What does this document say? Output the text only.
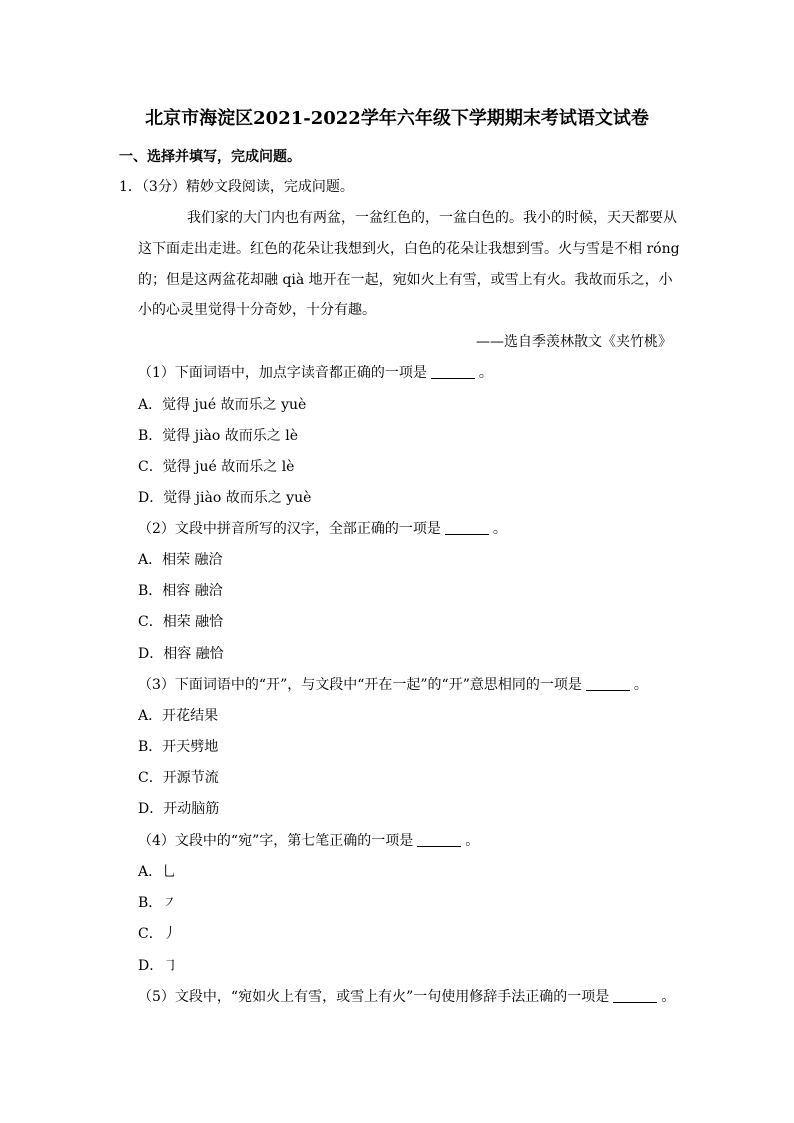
北京市海淀区2021-2022学年六年级下学期期末考试语文试卷
一、选择并填写，完成问题。
1．（3分）精妙文段阅读，完成问题。
我们家的大门内也有两盆，一盆红色的，一盆白色的。我小的时候，天天都要从
这下面走出走进。红色的花朵让我想到火，白色的花朵让我想到雪。火与雪是不相 róng
的；但是这两盆花却融 qià 地开在一起，宛如火上有雪，或雪上有火。我故而乐之，小
小的心灵里觉得十分奇妙，十分有趣。
——选自季羡林散文《夹竹桃》
（1）下面词语中，加点字读音都正确的一项是	。
A．觉得 jué 故而乐之 yuè
B．觉得 jiào 故而乐之 lè
C．觉得 jué 故而乐之 lè
D．觉得 jiào 故而乐之 yuè
（2）文段中拼音所写的汉字，全部正确的一项是	。
A．相荣 融洽
B．相容 融洽
C．相荣 融恰
D．相容 融恰
（3）下面词语中的“开”，与文段中“开在一起”的“开”意思相同的一项是	。
A．开花结果
B．开天劈地
C．开源节流
D．开动脑筋
（4）文段中的“宛”字，第七笔正确的一项是	。
A．乚
B．㇇
C．丿
D．㇆
（5）文段中，“宛如火上有雪，或雪上有火”一句使用修辞手法正确的一项是	。
